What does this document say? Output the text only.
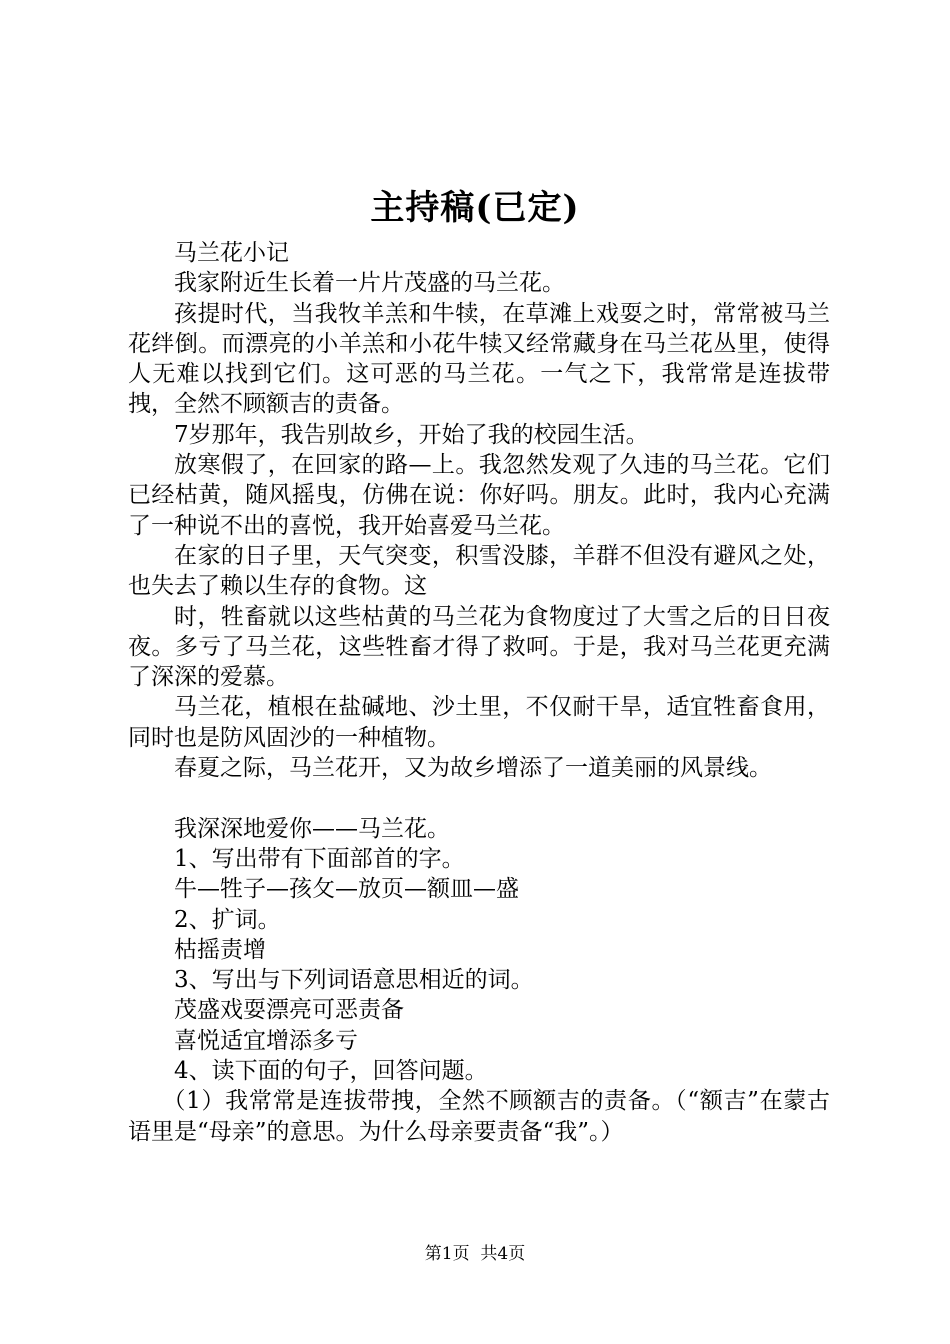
主持稿(已定)

马兰花小记

我家附近生长着一片片茂盛的马兰花。

孩提时代，当我牧羊羔和牛犊，在草滩上戏耍之时，常常被马兰花绊倒。而漂亮的小羊羔和小花牛犊又经常藏身在马兰花丛里，使得人无难以找到它们。这可恶的马兰花。一气之下，我常常是连拔带拽，全然不顾额吉的责备。

7岁那年，我告别故乡，开始了我的校园生活。

放寒假了，在回家的路—上。我忽然发观了久违的马兰花。它们已经枯黄，随风摇曳，仿佛在说：你好吗。朋友。此时，我内心充满了一种说不出的喜悦，我开始喜爱马兰花。

在家的日子里，天气突变，积雪没膝，羊群不但没有避风之处，也失去了赖以生存的食物。这

时，牲畜就以这些枯黄的马兰花为食物度过了大雪之后的日日夜夜。多亏了马兰花，这些牲畜才得了救呵。于是，我对马兰花更充满了深深的爱慕。

马兰花，植根在盐碱地、沙土里，不仅耐干旱，适宜牲畜食用，同时也是防风固沙的一种植物。

春夏之际，马兰花开，又为故乡增添了一道美丽的风景线。

我深深地爱你——马兰花。

1、写出带有下面部首的字。

牛—牲子—孩攵—放页—额皿—盛

2、扩词。

枯摇责增

3、写出与下列词语意思相近的词。

茂盛戏耍漂亮可恶责备

喜悦适宜增添多亏

4、读下面的句子，回答问题。

（1）我常常是连拔带拽，全然不顾额吉的责备。（“额吉”在蒙古语里是“母亲”的意思。为什么母亲要责备“我”。）

第1页 共4页
